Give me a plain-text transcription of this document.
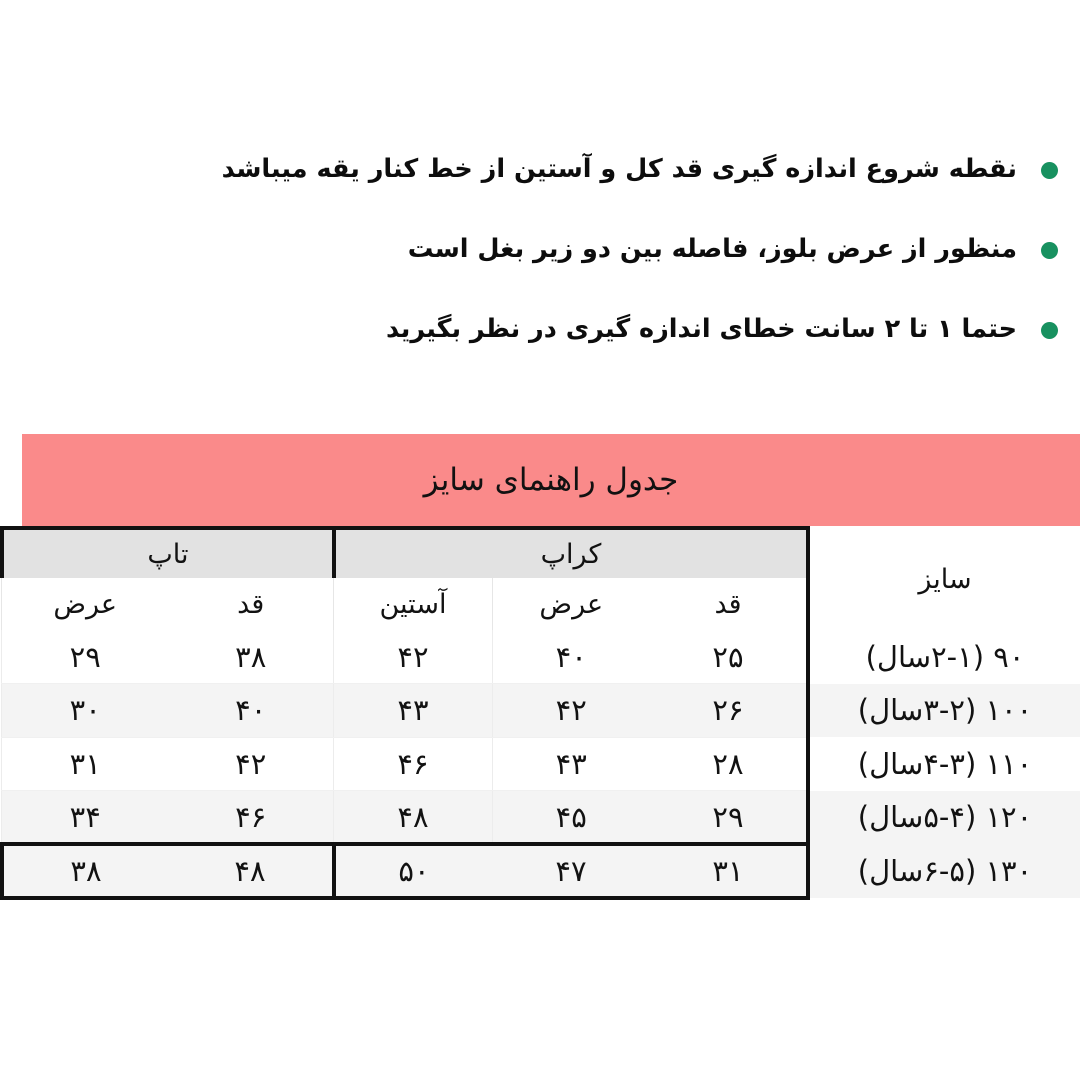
نقطه شروع اندازه گیری قد کل و آستین از خط کنار یقه میباشد
منظور از عرض بلوز، فاصله بین دو زیر بغل است
حتما ۱ تا ۲ سانت خطای اندازه گیری در نظر بگیرید
جدول راهنمای سایز
سایز	کراپ			تاپ	
	قد	عرض	آستین	قد	عرض
۹۰ (۲-۱سال)	۲۵	۴۰	۴۲	۳۸	۲۹
۱۰۰ (۳-۲سال)	۲۶	۴۲	۴۳	۴۰	۳۰
۱۱۰ (۴-۳سال)	۲۸	۴۳	۴۶	۴۲	۳۱
۱۲۰ (۵-۴سال)	۲۹	۴۵	۴۸	۴۶	۳۴
۱۳۰ (۶-۵سال)	۳۱	۴۷	۵۰	۴۸	۳۸
